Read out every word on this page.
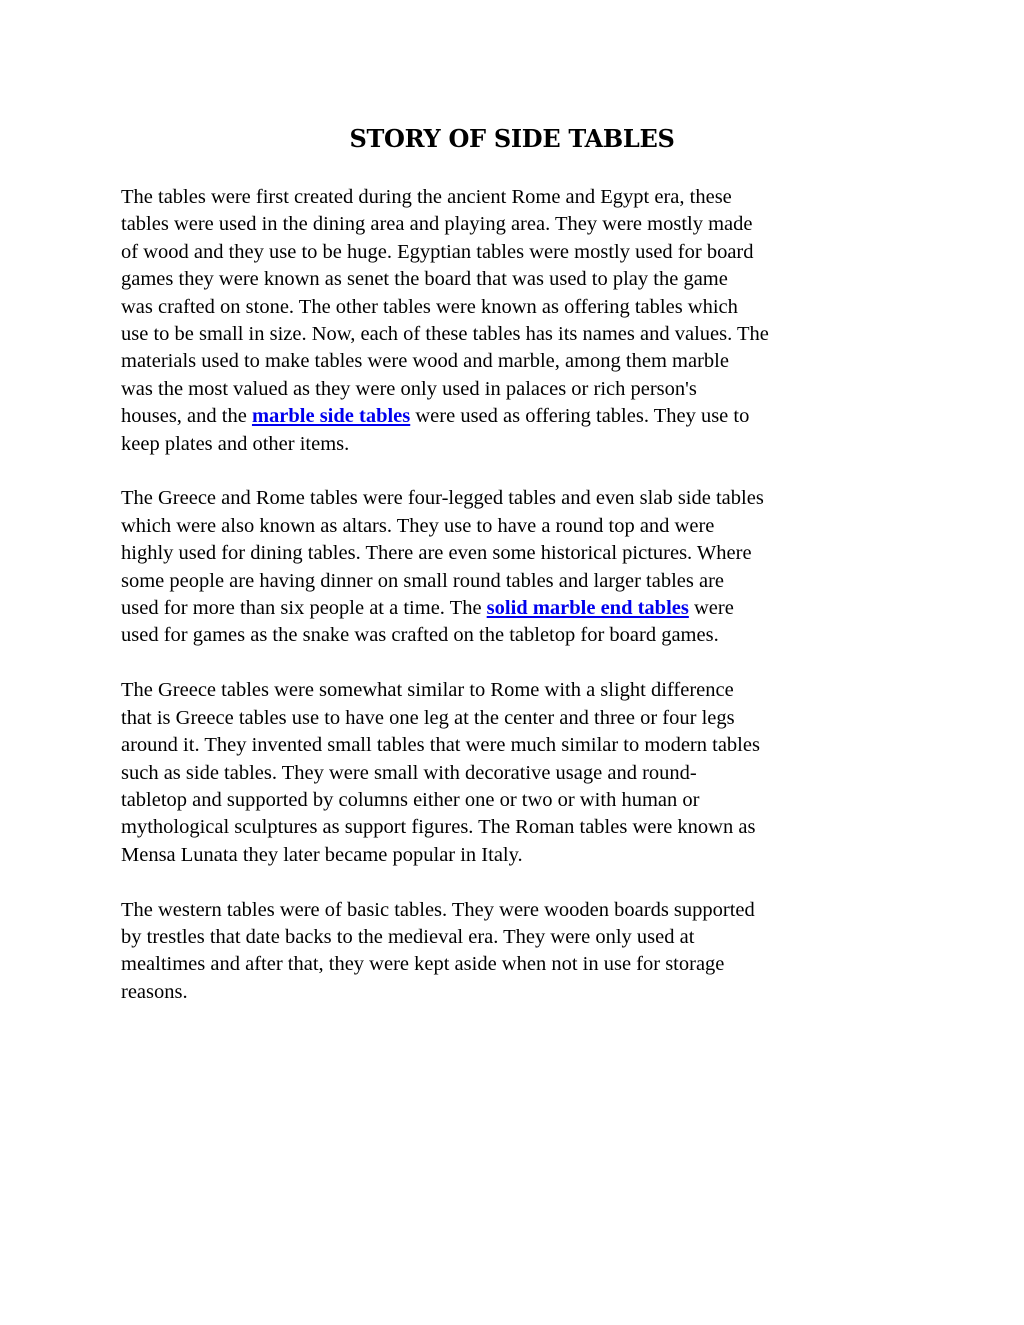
STORY OF SIDE TABLES

The tables were first created during the ancient Rome and Egypt era, these
tables were used in the dining area and playing area. They were mostly made
of wood and they use to be huge. Egyptian tables were mostly used for board
games they were known as senet the board that was used to play the game
was crafted on stone. The other tables were known as offering tables which
use to be small in size. Now, each of these tables has its names and values. The
materials used to make tables were wood and marble, among them marble
was the most valued as they were only used in palaces or rich person's
houses, and the marble side tables were used as offering tables. They use to
keep plates and other items.

The Greece and Rome tables were four-legged tables and even slab side tables
which were also known as altars. They use to have a round top and were
highly used for dining tables. There are even some historical pictures. Where
some people are having dinner on small round tables and larger tables are
used for more than six people at a time. The solid marble end tables were
used for games as the snake was crafted on the tabletop for board games.

The Greece tables were somewhat similar to Rome with a slight difference
that is Greece tables use to have one leg at the center and three or four legs
around it. They invented small tables that were much similar to modern tables
such as side tables. They were small with decorative usage and round-
tabletop and supported by columns either one or two or with human or
mythological sculptures as support figures. The Roman tables were known as
Mensa Lunata they later became popular in Italy.

The western tables were of basic tables. They were wooden boards supported
by trestles that date backs to the medieval era. They were only used at
mealtimes and after that, they were kept aside when not in use for storage
reasons.
